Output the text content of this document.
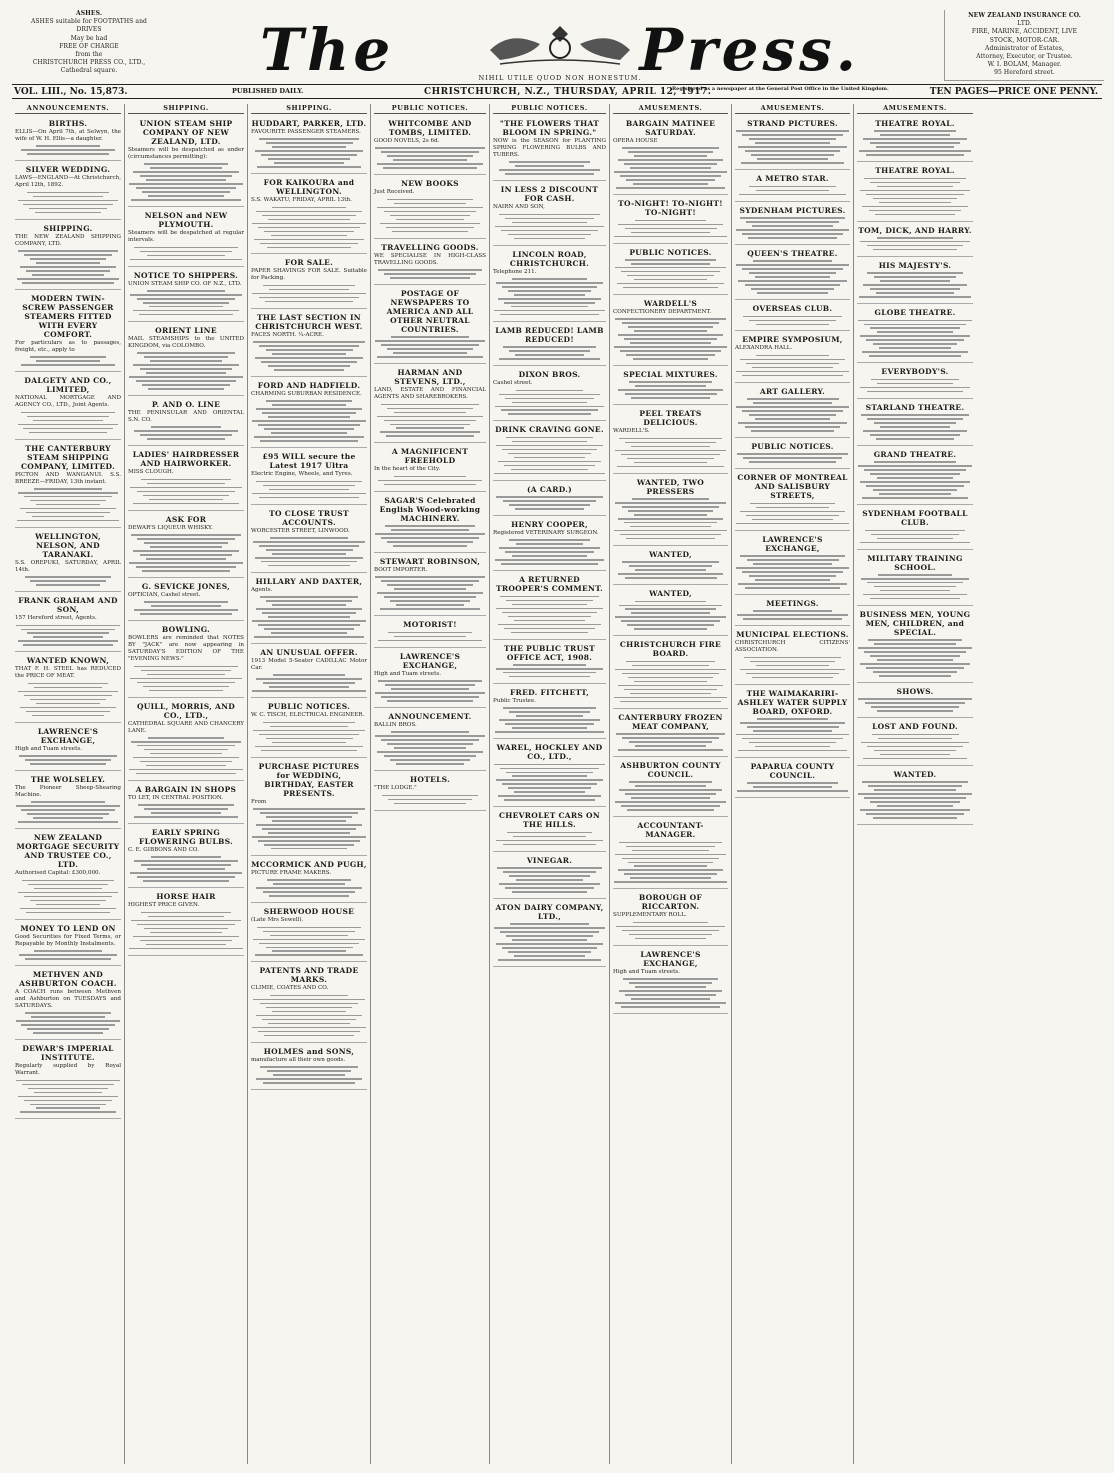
ASHES.
ASHES suitable for FOOTPATHS and
DRIVES
May be had
FREE OF CHARGE
from the
CHRISTCHURCH PRESS CO., LTD.,
Cathedral square.	The	Press.
NIHIL UTILE QUOD NON HONESTUM.
NEW ZEALAND INSURANCE CO.
LTD.
FIRE, MARINE, ACCIDENT, LIVE
STOCK, MOTOR-CAR.
Administrator of Estates,
Attorney, Executor, or Trustee.
W. I. BOLAM, Manager.
95 Hereford street.
VOL. LIII., No. 15,873.	PUBLISHED DAILY.	CHRISTCHURCH, N.Z., THURSDAY, APRIL 12, 1917.
Registered as a newspaper at the General Post Office in the United Kingdom.	TEN PAGES—PRICE ONE PENNY.
ANNOUNCEMENTS.
BIRTHS.
ELLIS—On April 7th, at Selwyn, the wife of W. H. Ellis—a daughter.
SILVER WEDDING.
LAWS—ENGLAND—At Christchurch, April 12th, 1892.
SHIPPING.
THE NEW ZEALAND SHIPPING COMPANY, LTD.
MODERN TWIN-SCREW PASSENGER STEAMERS FITTED WITH EVERY COMFORT.
For particulars as to passages, freight, etc., apply to
DALGETY AND CO., LIMITED,
NATIONAL MORTGAGE AND AGENCY CO., LTD., Joint Agents.
THE CANTERBURY STEAM SHIPPING COMPANY, LIMITED.
PICTON AND WANGANUI. S.S. BREEZE—FRIDAY, 13th instant.
WELLINGTON, NELSON, AND TARANAKI.
S.S. OREPUKI, SATURDAY, APRIL 14th.
FRANK GRAHAM AND SON,
157 Hereford street, Agents.
WANTED KNOWN,
THAT F. H. STEEL has REDUCED the PRICE OF MEAT.
LAWRENCE'S EXCHANGE,
High and Tuam streets.
THE WOLSELEY.
The Pioneer Sheep-Shearing Machine.
NEW ZEALAND MORTGAGE SECURITY AND TRUSTEE CO., LTD.
Authorised Capital: £300,000.
MONEY TO LEND ON
Good Securities for Fixed Terms, or Repayable by Monthly Instalments.
METHVEN AND ASHBURTON COACH.
A COACH runs between Methven and Ashburton on TUESDAYS and SATURDAYS.
DEWAR'S IMPERIAL INSTITUTE.
Regularly supplied by Royal Warrant.
SHIPPING.
UNION STEAM SHIP COMPANY OF NEW ZEALAND, LTD.
Steamers will be despatched as under (circumstances permitting):
NELSON and NEW PLYMOUTH.
Steamers will be despatched at regular intervals.
NOTICE TO SHIPPERS.
UNION STEAM SHIP CO. OF N.Z., LTD.
ORIENT LINE
MAIL STEAMSHIPS to the UNITED KINGDOM, via COLOMBO.
P. AND O. LINE
THE PENINSULAR AND ORIENTAL S.N. CO.
LADIES' HAIRDRESSER AND HAIRWORKER.
MISS CLOUGH.
ASK FOR
DEWAR'S LIQUEUR WHISKY.
G. SEVICKE JONES,
OPTICIAN, Cashel street.
BOWLING.
BOWLERS are reminded that NOTES BY "JACK" are now appearing in SATURDAY'S EDITION OF THE "EVENING NEWS."
QUILL, MORRIS, AND CO., LTD.,
CATHEDRAL SQUARE AND CHANCERY LANE.
A BARGAIN IN SHOPS
TO LET, IN CENTRAL POSITION.
EARLY SPRING FLOWERING BULBS.
C. E. GIBBONS AND CO.
HORSE HAIR
HIGHEST PRICE GIVEN.
SHIPPING.
HUDDART, PARKER, LTD.
FAVOURITE PASSENGER STEAMERS.
FOR KAIKOURA and WELLINGTON.
S.S. WAKATU, FRIDAY, APRIL 13th.
FOR SALE.
PAPER SHAVINGS FOR SALE. Suitable for Packing.
THE LAST SECTION IN CHRISTCHURCH WEST.
FACES NORTH. ¼-ACRE.
FORD AND HADFIELD.
CHARMING SUBURBAN RESIDENCE.
£95 WILL secure the Latest 1917 Ultra
Electric Engine, Wheels, and Tyres.
TO CLOSE TRUST ACCOUNTS.
WORCESTER STREET, LINWOOD.
HILLARY AND DAXTER,
Agents.
AN UNUSUAL OFFER.
1913 Model 5-Seater CADILLAC Motor Car.
PUBLIC NOTICES.
W. C. TISCH, ELECTRICAL ENGINEER.
PURCHASE PICTURES for WEDDING, BIRTHDAY, EASTER PRESENTS.
From
MCCORMICK AND PUGH,
PICTURE FRAME MAKERS.
SHERWOOD HOUSE
(Late Mrs Sewell).
PATENTS AND TRADE MARKS.
CLIMIE, COATES AND CO.
HOLMES and SONS,
manufacture all their own goods.
PUBLIC NOTICES.
WHITCOMBE AND TOMBS, LIMITED.
GOOD NOVELS, 2s 6d.
NEW BOOKS
Just Received.
TRAVELLING GOODS.
WE SPECIALISE IN HIGH-CLASS TRAVELLING GOODS.
POSTAGE OF NEWSPAPERS TO AMERICA AND ALL OTHER NEUTRAL COUNTRIES.
HARMAN AND STEVENS, LTD.,
LAND, ESTATE AND FINANCIAL AGENTS AND SHAREBROKERS.
A MAGNIFICENT FREEHOLD
In the heart of the City.
SAGAR'S Celebrated English Wood-working MACHINERY.
STEWART ROBINSON,
BOOT IMPORTER.
MOTORIST!
LAWRENCE'S EXCHANGE,
High and Tuam streets.
ANNOUNCEMENT.
BALLIN BROS.
HOTELS.
"THE LODGE."
PUBLIC NOTICES.
"THE FLOWERS THAT BLOOM IN SPRING."
NOW is the SEASON for PLANTING SPRING FLOWERING BULBS AND TUBERS.
IN LESS 2 DISCOUNT FOR CASH.
NAIRN AND SON,
LINCOLN ROAD, CHRISTCHURCH.
Telephone 211.
LAMB REDUCED! LAMB REDUCED!
DIXON BROS.
Cashel street.
DRINK CRAVING GONE.
(A CARD.)
HENRY COOPER,
Registered VETERINARY SURGEON.
A RETURNED TROOPER'S COMMENT.
THE PUBLIC TRUST OFFICE ACT, 1908.
FRED. FITCHETT,
Public Trustee.
WAREL, HOCKLEY AND CO., LTD.,
CHEVROLET CARS ON THE HILLS.
VINEGAR.
ATON DAIRY COMPANY, LTD.,
AMUSEMENTS.
BARGAIN MATINEE SATURDAY.
OPERA HOUSE
TO-NIGHT! TO-NIGHT! TO-NIGHT!
PUBLIC NOTICES.
WARDELL'S
CONFECTIONERY DEPARTMENT.
SPECIAL MIXTURES.
PEEL TREATS DELICIOUS.
WARDELL'S.
WANTED, TWO PRESSERS
WANTED,
WANTED,
CHRISTCHURCH FIRE BOARD.
CANTERBURY FROZEN MEAT COMPANY,
ASHBURTON COUNTY COUNCIL.
ACCOUNTANT-MANAGER.
BOROUGH OF RICCARTON.
SUPPLEMENTARY ROLL.
LAWRENCE'S EXCHANGE,
High and Tuam streets.
AMUSEMENTS.
STRAND PICTURES.
A METRO STAR.
SYDENHAM PICTURES.
QUEEN'S THEATRE.
OVERSEAS CLUB.
EMPIRE SYMPOSIUM,
ALEXANDRA HALL.
ART GALLERY.
PUBLIC NOTICES.
CORNER OF MONTREAL AND SALISBURY STREETS,
LAWRENCE'S EXCHANGE,
MEETINGS.
MUNICIPAL ELECTIONS.
CHRISTCHURCH CITIZENS' ASSOCIATION.
THE WAIMAKARIRI-ASHLEY WATER SUPPLY BOARD, OXFORD.
PAPARUA COUNTY COUNCIL.
AMUSEMENTS.
THEATRE ROYAL.
THEATRE ROYAL.
TOM, DICK, AND HARRY.
HIS MAJESTY'S.
GLOBE THEATRE.
EVERYBODY'S.
STARLAND THEATRE.
GRAND THEATRE.
SYDENHAM FOOTBALL CLUB.
MILITARY TRAINING SCHOOL.
BUSINESS MEN, YOUNG MEN, CHILDREN, and SPECIAL.
SHOWS.
LOST AND FOUND.
WANTED.
